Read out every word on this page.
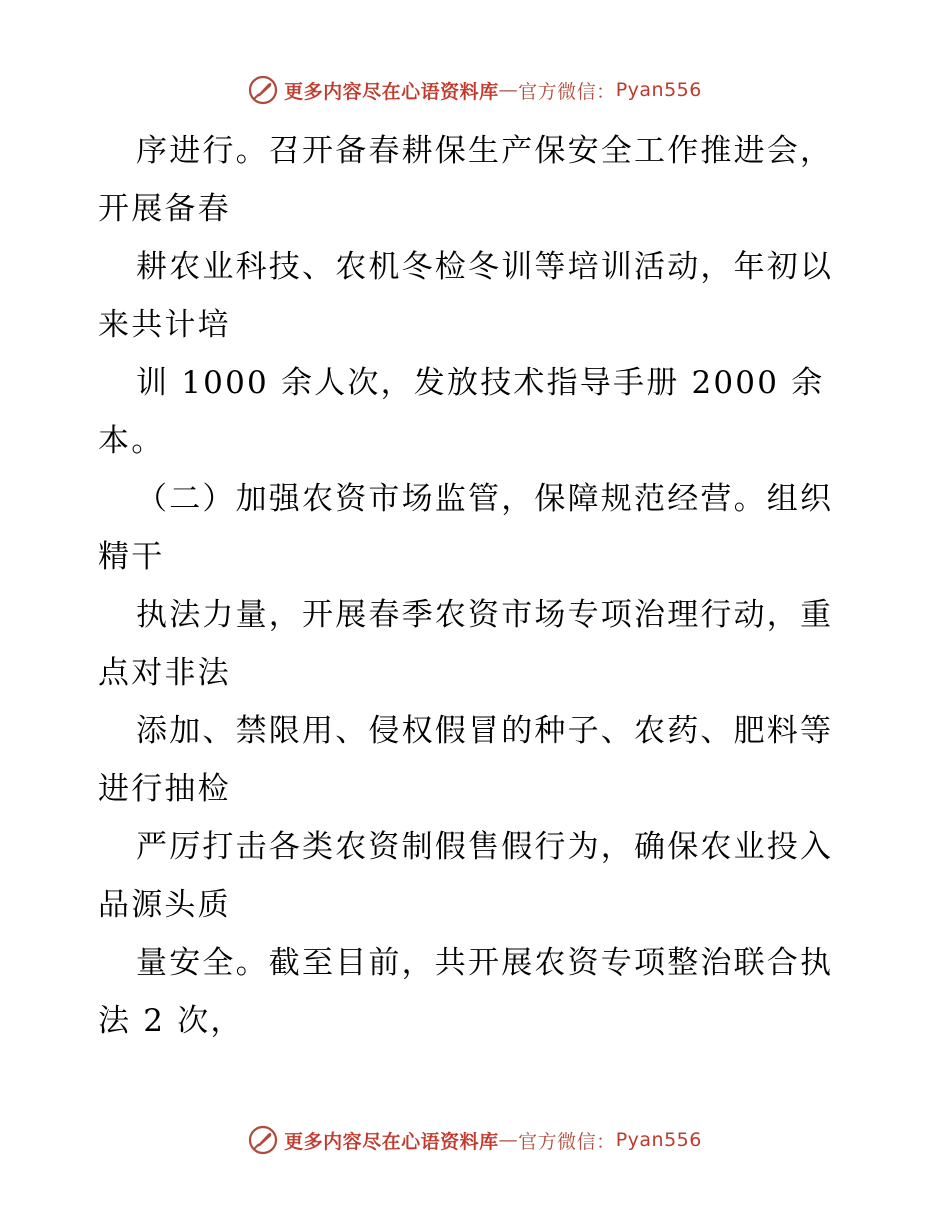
更多内容尽在心语资料库 — 官方微信： Pyan556
序进行。召开备春耕保生产保安全工作推进会，
开展备春
耕农业科技、农机冬检冬训等培训活动，年初以
来共计培
训 1000 余人次，发放技术指导手册 2000 余
本。
（二）加强农资市场监管，保障规范经营。组织
精干
执法力量，开展春季农资市场专项治理行动，重
点对非法
添加、禁限用、侵权假冒的种子、农药、肥料等
进行抽检
严厉打击各类农资制假售假行为，确保农业投入
品源头质
量安全。截至目前，共开展农资专项整治联合执
法 2 次，
更多内容尽在心语资料库 — 官方微信： Pyan556
